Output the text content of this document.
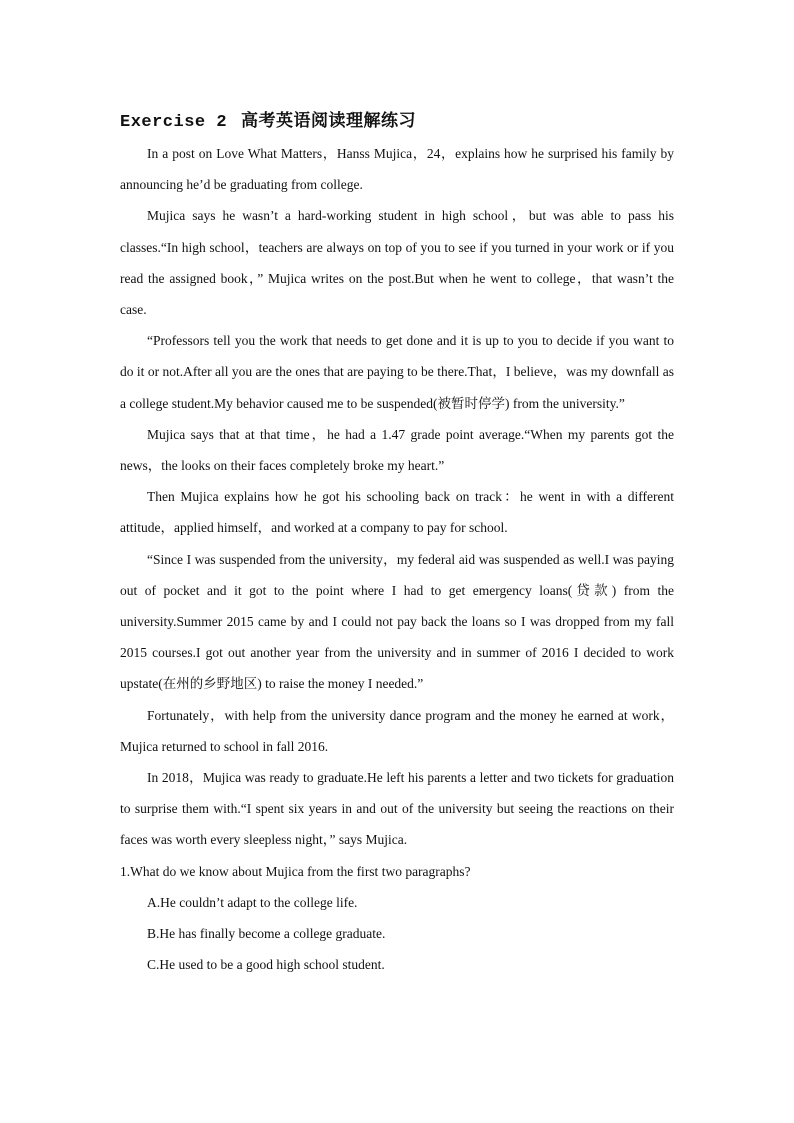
Exercise 2 高考英语阅读理解练习

In a post on Love What Matters，Hanss Mujica，24，explains how he surprised his family by announcing he’d be graduating from college.

Mujica says he wasn’t a hard-working student in high school，but was able to pass his classes.“In high school，teachers are always on top of you to see if you turned in your work or if you read the assigned book，” Mujica writes on the post.But when he went to college，that wasn’t the case.

“Professors tell you the work that needs to get done and it is up to you to decide if you want to do it or not.After all you are the ones that are paying to be there.That，I believe，was my downfall as a college student.My behavior caused me to be suspended(被暂时停学) from the university.”

Mujica says that at that time，he had a 1.47 grade point average.“When my parents got the news，the looks on their faces completely broke my heart.”

Then Mujica explains how he got his schooling back on track：he went in with a different attitude，applied himself，and worked at a company to pay for school.

“Since I was suspended from the university，my federal aid was suspended as well.I was paying out of pocket and it got to the point where I had to get emergency loans(贷款) from the university.Summer 2015 came by and I could not pay back the loans so I was dropped from my fall 2015 courses.I got out another year from the university and in summer of 2016 I decided to work upstate(在州的乡野地区) to raise the money I needed.”

Fortunately，with help from the university dance program and the money he earned at work，Mujica returned to school in fall 2016.

In 2018，Mujica was ready to graduate.He left his parents a letter and two tickets for graduation to surprise them with.“I spent six years in and out of the university but seeing the reactions on their faces was worth every sleepless night，” says Mujica.

1.What do we know about Mujica from the first two paragraphs?

A.He couldn’t adapt to the college life.

B.He has finally become a college graduate.

C.He used to be a good high school student.
